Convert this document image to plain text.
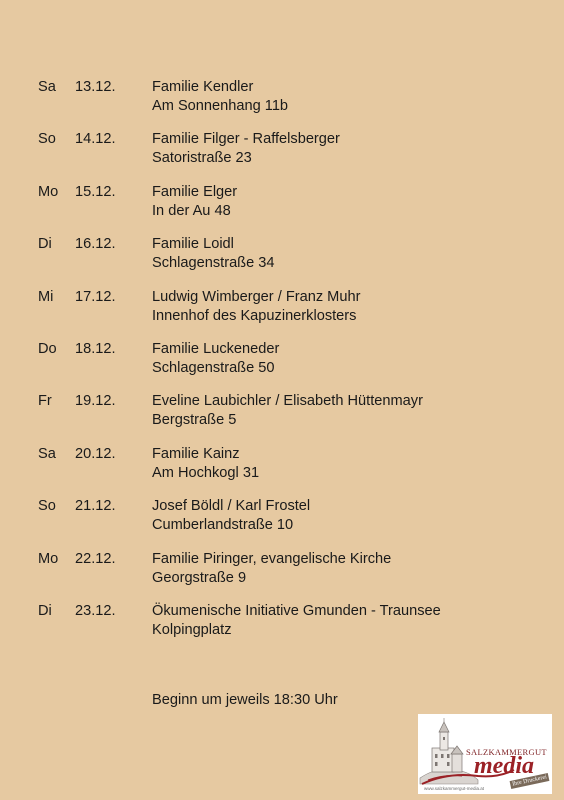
Sa 13.12. Familie Kendler
Am Sonnenhang 11b
So 14.12. Familie Filger - Raffelsberger
Satoristraße 23
Mo 15.12. Familie Elger
In der Au 48
Di 16.12. Familie Loidl
Schlagenstraße 34
Mi 17.12. Ludwig Wimberger / Franz Muhr
Innenhof des Kapuzinerklosters
Do 18.12. Familie Luckeneder
Schlagenstraße 50
Fr 19.12. Eveline Laubichler / Elisabeth Hüttenmayr
Bergstraße 5
Sa 20.12. Familie Kainz
Am Hochkogl 31
So 21.12. Josef Böldl / Karl Frostel
Cumberlandstraße 10
Mo 22.12. Familie Piringer, evangelische Kirche
Georgstraße 9
Di 23.12. Ökumenische Initiative Gmunden - Traunsee
Kolpingplatz
Beginn um jeweils 18:30 Uhr
SALZKAMMERGUT
media
Ihre Druckerei
www.salzkammergut-media.at
